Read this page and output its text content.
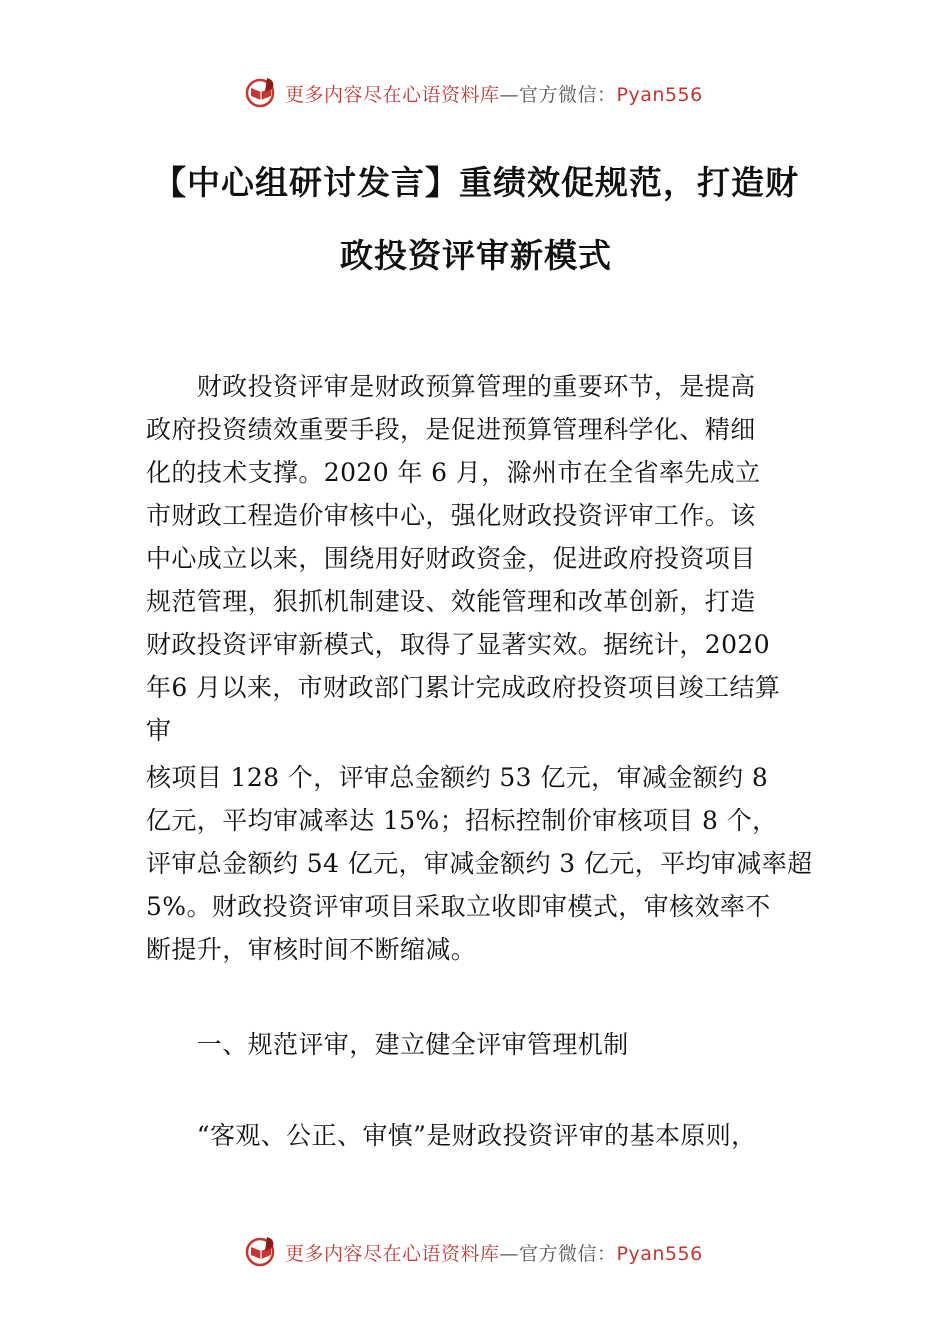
更多内容尽在心语资料库—官方微信：Pyan556
【中心组研讨发言】重绩效促规范，打造财
政投资评审新模式
　　财政投资评审是财政预算管理的重要环节，是提高
政府投资绩效重要手段，是促进预算管理科学化、精细
化的技术支撑。2020 年 6 月，滁州市在全省率先成立
市财政工程造价审核中心，强化财政投资评审工作。该
中心成立以来，围绕用好财政资金，促进政府投资项目
规范管理，狠抓机制建设、效能管理和改革创新，打造
财政投资评审新模式，取得了显著实效。据统计，2020
年6 月以来，市财政部门累计完成政府投资项目竣工结算
审
核项目 128 个，评审总金额约 53 亿元，审减金额约 8
亿元，平均审减率达 15%；招标控制价审核项目 8 个，
评审总金额约 54 亿元，审减金额约 3 亿元，平均审减率超
5%。财政投资评审项目采取立收即审模式，审核效率不
断提升，审核时间不断缩减。
　　一、规范评审，建立健全评审管理机制
　　“客观、公正、审慎”是财政投资评审的基本原则，
更多内容尽在心语资料库—官方微信：Pyan556
